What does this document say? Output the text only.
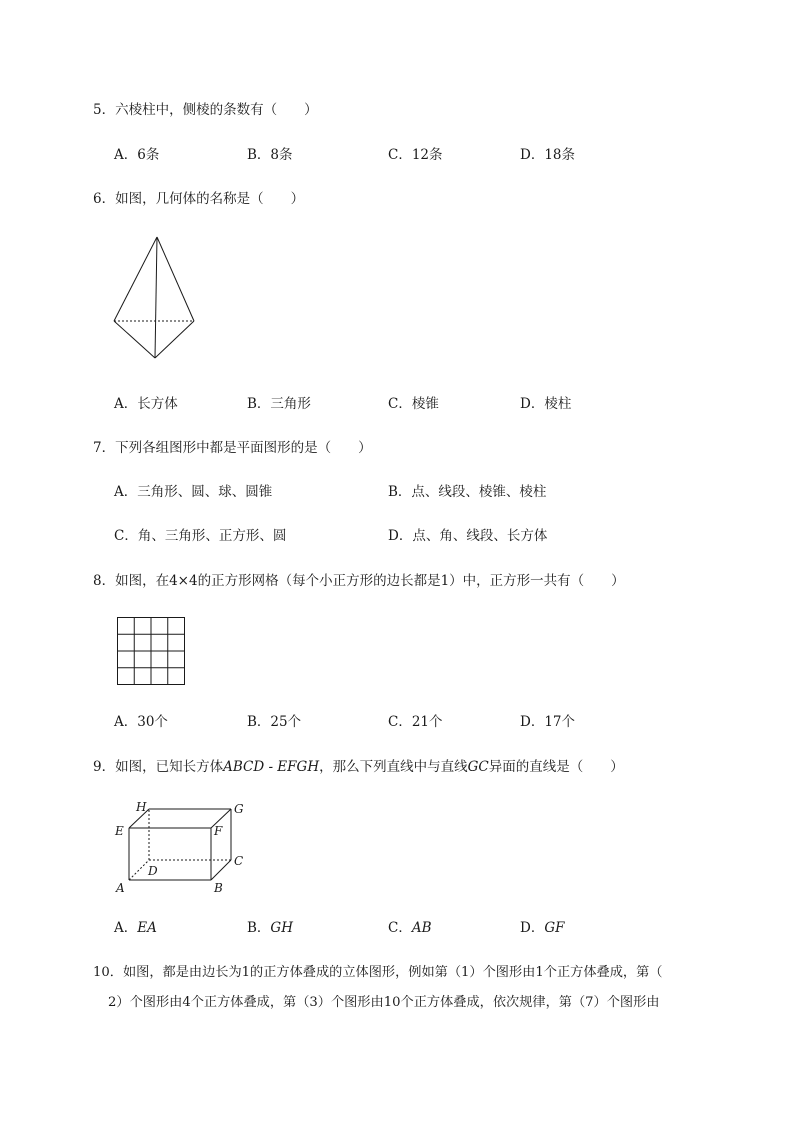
5．六棱柱中，侧棱的条数有（　　）
A．6条	B．8条	C．12条	D．18条
6．如图，几何体的名称是（　　）
A．长方体	B．三角形	C．棱锥	D．棱柱
7．下列各组图形中都是平面图形的是（　　）
A．三角形、圆、球、圆锥	B．点、线段、棱锥、棱柱
C．角、三角形、正方形、圆	D．点、角、线段、长方体
8．如图，在4×4的正方形网格（每个小正方形的边长都是1）中，正方形一共有（　　）
A．30个	B．25个	C．21个	D．17个
9．如图，已知长方体ABCD - EFGH，那么下列直线中与直线GC异面的直线是（　　）
A	B
C
D
E	F
G
H
A．EA	B．GH	C．AB	D．GF
10．如图，都是由边长为1的正方体叠成的立体图形，例如第（1）个图形由1个正方体叠成，第（
2）个图形由4个正方体叠成，第（3）个图形由10个正方体叠成，依次规律，第（7）个图形由
